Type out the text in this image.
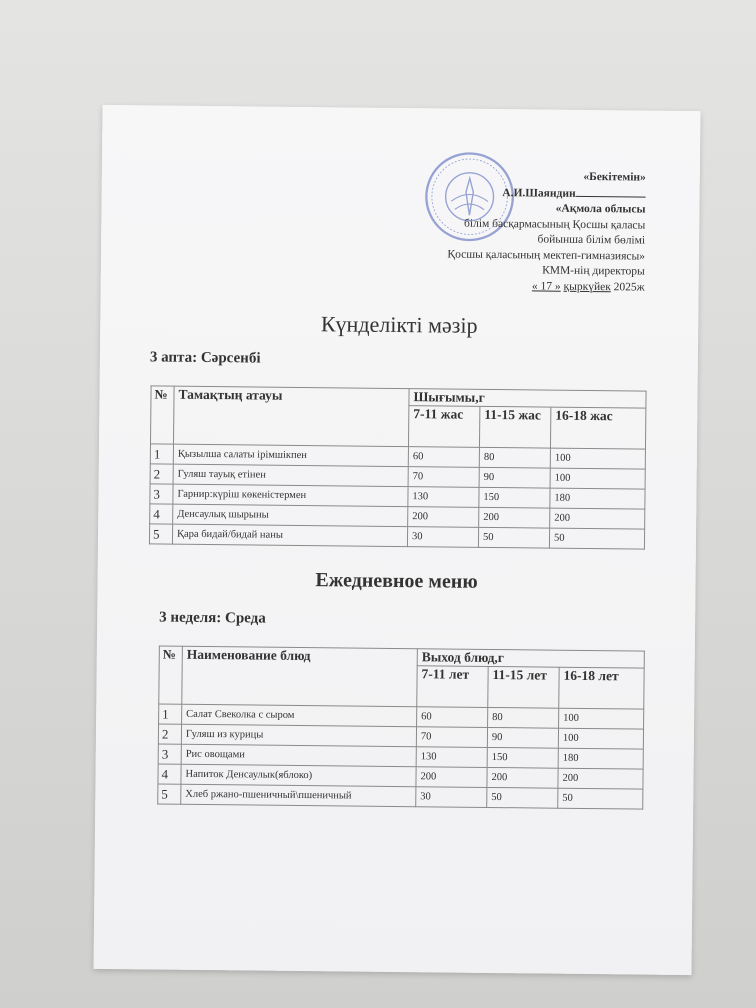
«Бекітемін»
А.И.Шаяндин
«Ақмола облысы
білім басқармасының Қосшы қаласы
бойынша білім бөлімі
Қосшы қаласының мектеп-гимназиясы»
КММ-нің директоры
« 17 » қыркүйек 2025ж
Күнделікті мәзір
3 апта: Сәрсенбі
№	Тамақтың атауы	Шығымы,г		
		7-11 жас	11-15 жас	16-18 жас
1	Қызылша салаты ірімшікпен	60	80	100
2	Гуляш тауық етінен	70	90	100
3	Гарнир:күріш көкеністермен	130	150	180
4	Денсаулық шырыны	200	200	200
5	Қара бидай/бидай наны	30	50	50
Ежедневное меню
3 неделя: Среда
№	Наименование блюд	Выход блюд,г		
		7-11 лет	11-15 лет	16-18 лет
1	Салат Свеколка с сыром	60	80	100
2	Гуляш из курицы	70	90	100
3	Рис овощами	130	150	180
4	Напиток Денсаулык(яблоко)	200	200	200
5	Хлеб ржано-пшеничный\пшеничный	30	50	50
